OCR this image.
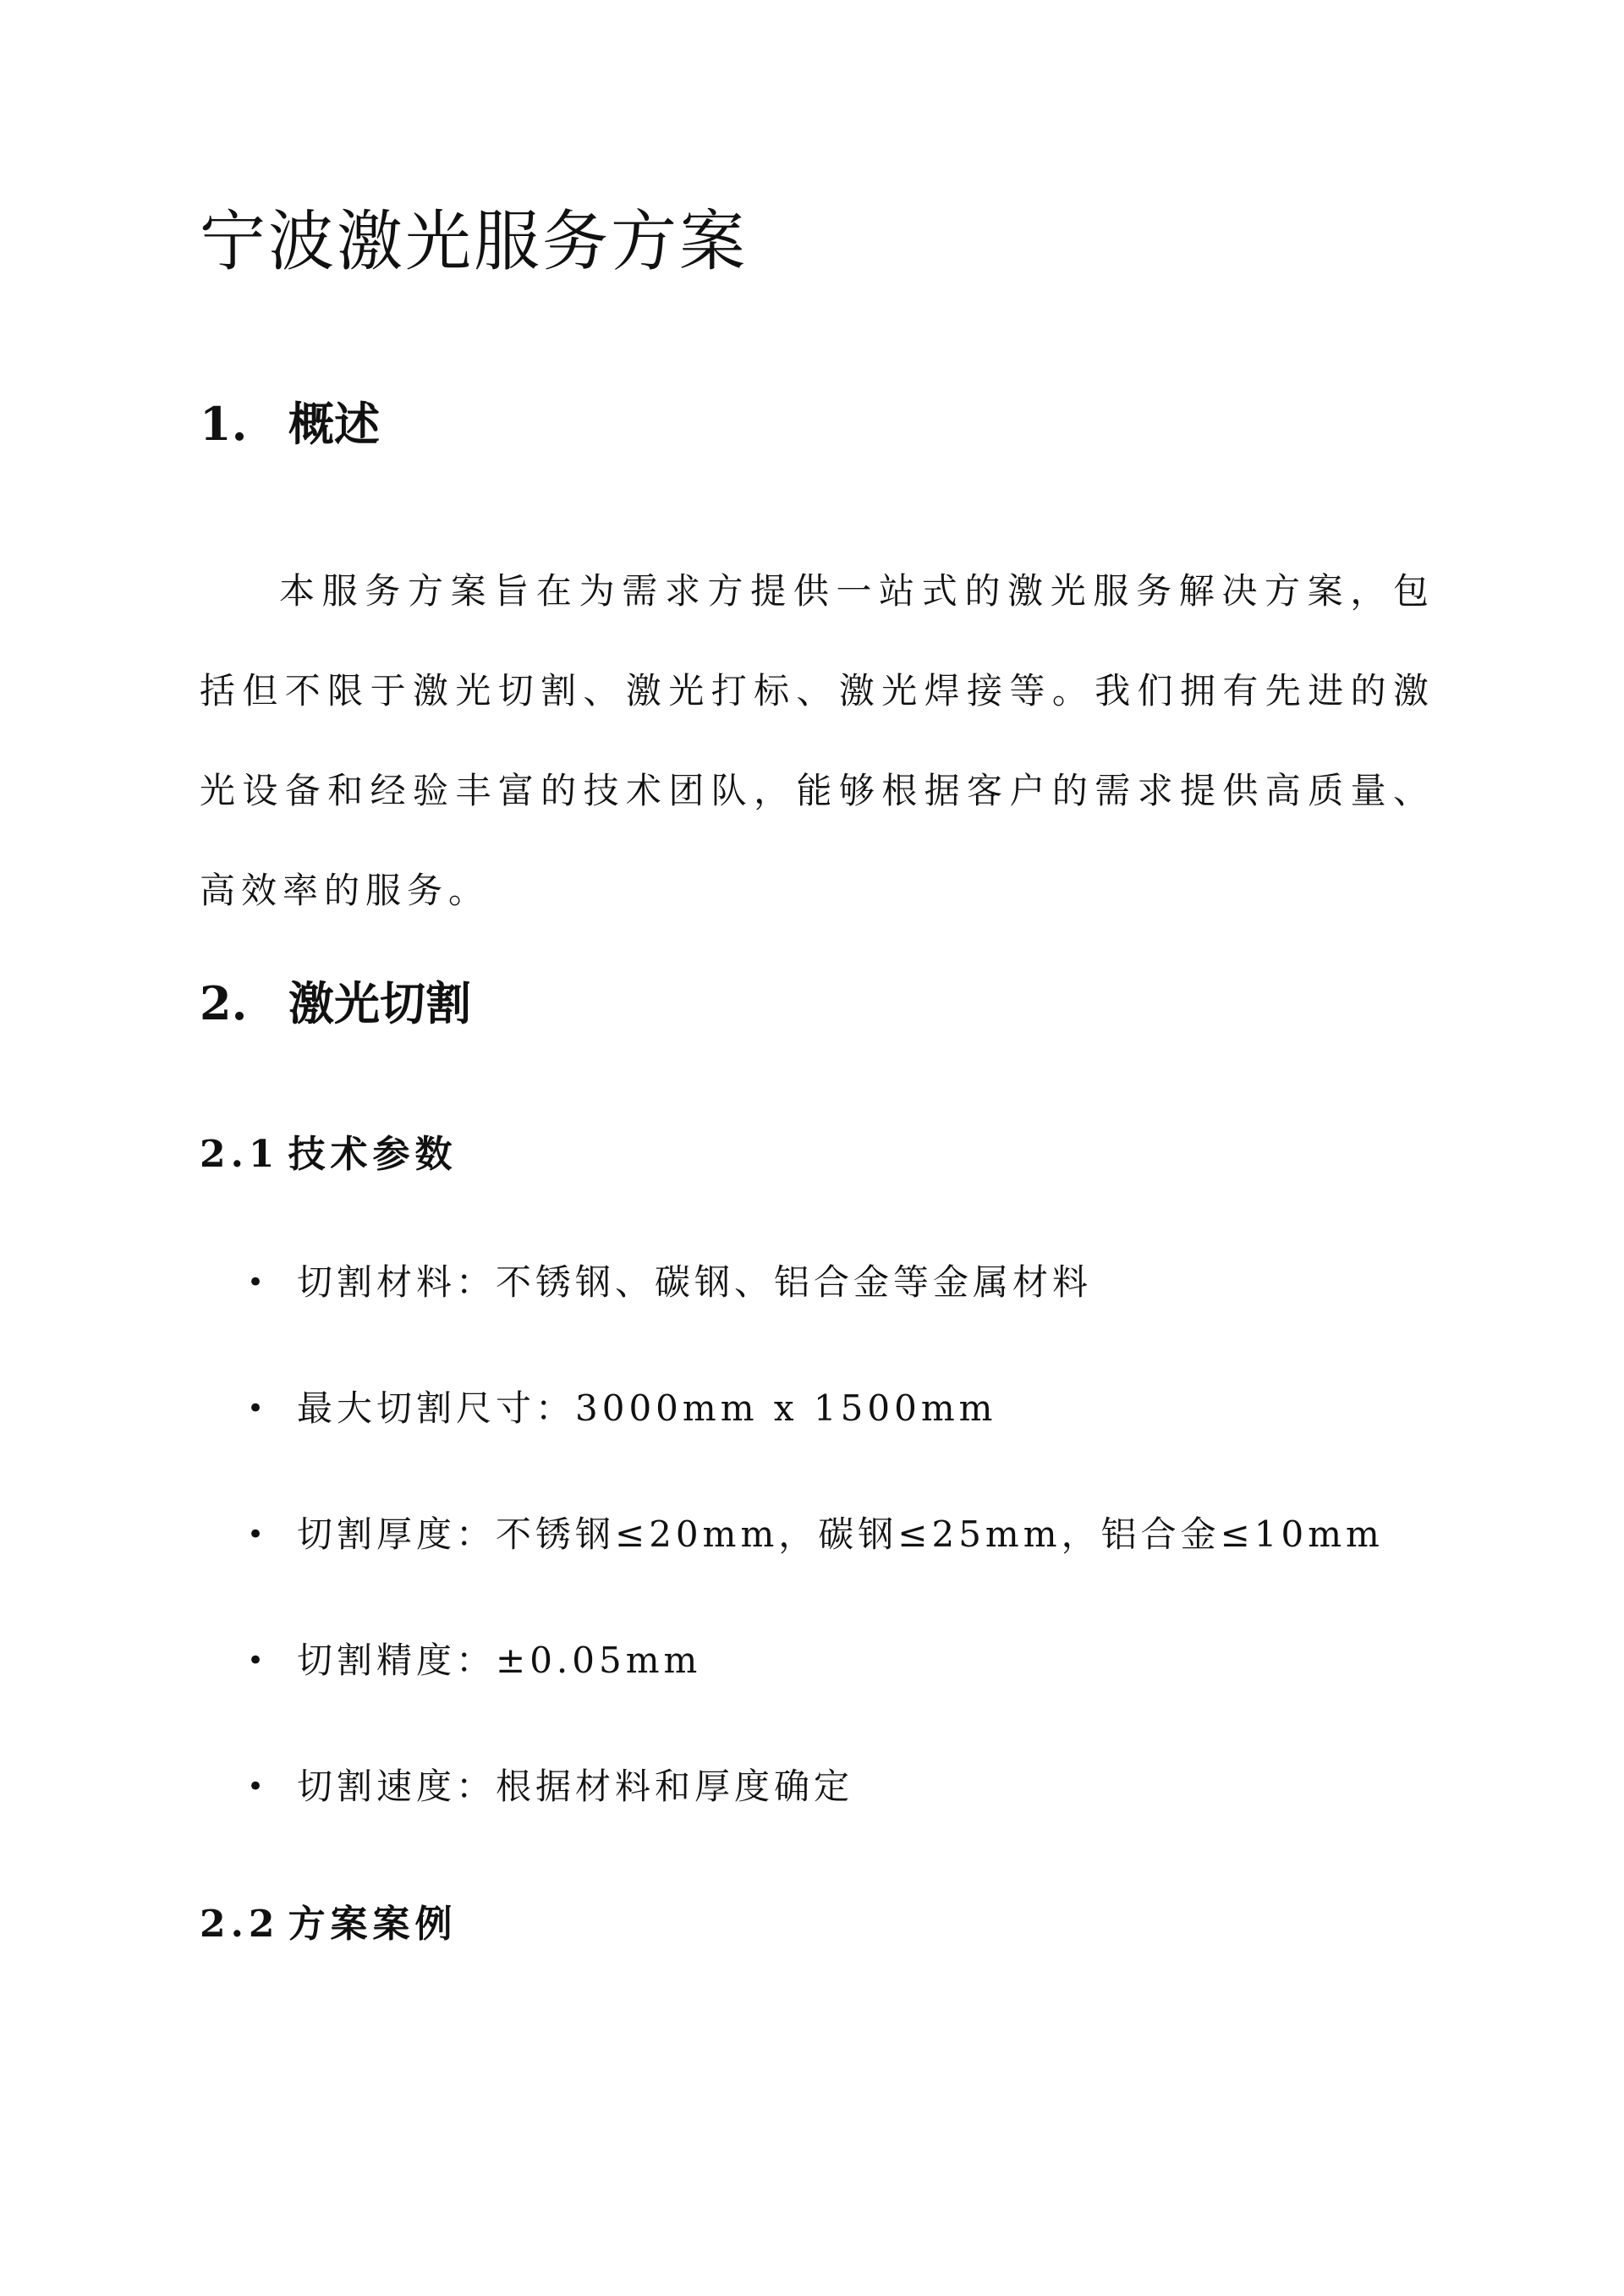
宁波激光服务方案
1. 概述

本服务方案旨在为需求方提供一站式的激光服务解决方案，包括但不限于激光切割、激光打标、激光焊接等。我们拥有先进的激光设备和经验丰富的技术团队，能够根据客户的需求提供高质量、高效率的服务。

2. 激光切割
2.1 技术参数
• 切割材料：不锈钢、碳钢、铝合金等金属材料
• 最大切割尺寸：3000mm x 1500mm
• 切割厚度：不锈钢≤20mm，碳钢≤25mm，铝合金≤10mm
• 切割精度：±0.05mm
• 切割速度：根据材料和厚度确定
2.2 方案案例
